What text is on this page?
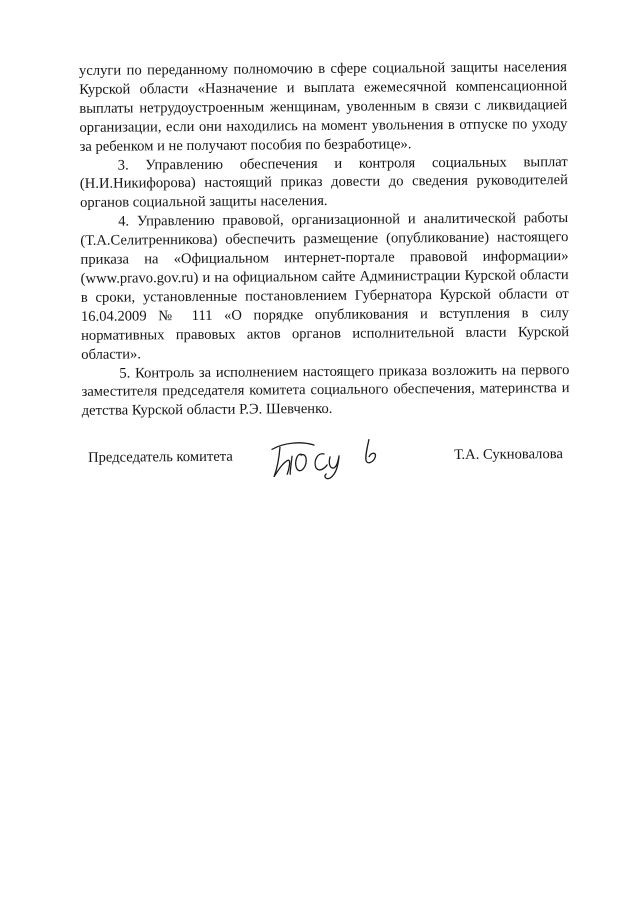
услуги по переданному полномочию в сфере социальной защиты населения Курской области «Назначение и выплата ежемесячной компенсационной выплаты нетрудоустроенным женщинам, уволенным в связи с ликвидацией организации, если они находились на момент увольнения в отпуске по уходу за ребенком и не получают пособия по безработице».

3. Управлению обеспечения и контроля социальных выплат (Н.И.Никифорова) настоящий приказ довести до сведения руководителей органов социальной защиты населения.

4. Управлению правовой, организационной и аналитической работы (Т.А.Селитренникова) обеспечить размещение (опубликование) настоящего приказа на «Официальном интернет-портале правовой информации» (www.pravo.gov.ru) и на официальном сайте Администрации Курской области в сроки, установленные постановлением Губернатора Курской области от 16.04.2009 № 111 «О порядке опубликования и вступления в силу нормативных правовых актов органов исполнительной власти Курской области».

5. Контроль за исполнением настоящего приказа возложить на первого заместителя председателя комитета социального обеспечения, материнства и детства Курской области Р.Э. Шевченко.

Председатель комитета	Т.А. Сукновалова
